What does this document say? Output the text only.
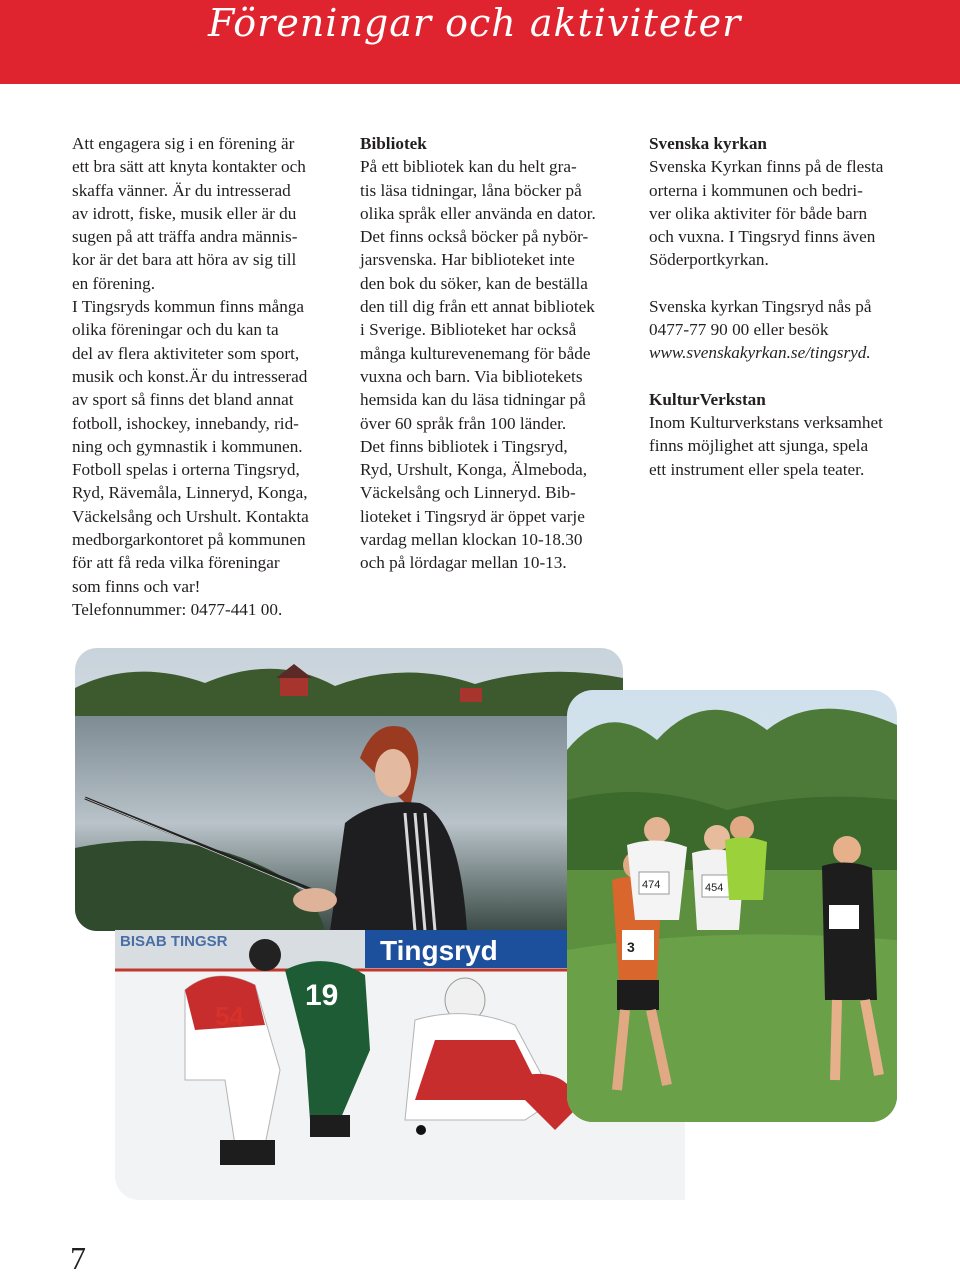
Föreningar och aktiviteter

Att engagera sig i en förening är

ett bra sätt att knyta kontakter och

skaffa vänner. Är du intresserad

av idrott, fiske, musik eller är du

sugen på att träffa andra männis-

kor är det bara att höra av sig till

en förening.

I Tingsryds kommun finns många

olika föreningar och du kan ta

del av flera aktiviteter som sport,

musik och konst.Är du intresserad

av sport så finns det bland annat

fotboll, ishockey, innebandy, rid-

ning och gymnastik i kommunen.

Fotboll spelas i orterna Tingsryd,

Ryd, Rävemåla, Linneryd, Konga,

Väckelsång och Urshult. Kontakta

medborgarkontoret på kommunen

för att få reda vilka föreningar

som finns och var!

Telefonnummer: 0477-441 00.

Bibliotek

På ett bibliotek kan du helt gra-

tis läsa tidningar, låna böcker på

olika språk eller använda en dator.

Det finns också böcker på nybör-

jarsvenska. Har biblioteket inte

den bok du söker, kan de beställa

den till dig från ett annat bibliotek

i Sverige. Biblioteket har också

många kulturevenemang för både

vuxna och barn. Via bibliotekets

hemsida kan du läsa tidningar på

över 60 språk från 100 länder.

Det finns bibliotek i Tingsryd,

Ryd, Urshult, Konga, Älmeboda,

Väckelsång och Linneryd. Bib-

lioteket i Tingsryd är öppet varje

vardag mellan klockan 10-18.30

och på lördagar mellan 10-13.

Svenska kyrkan

Svenska Kyrkan finns på de flesta

orterna i kommunen och bedri-

ver olika aktiviter för både barn

och vuxna. I Tingsryd finns även

Söderportkyrkan.

Svenska kyrkan Tingsryd nås på

0477-77 90 00 eller besök

www.svenskakyrkan.se/tingsryd.

KulturVerkstan

Inom Kulturverkstans verksamhet

finns möjlighet att sjunga, spela

ett instrument eller spela teater.

BISAB TINGSR	Tingsryd
54
19
3
474	454
7
